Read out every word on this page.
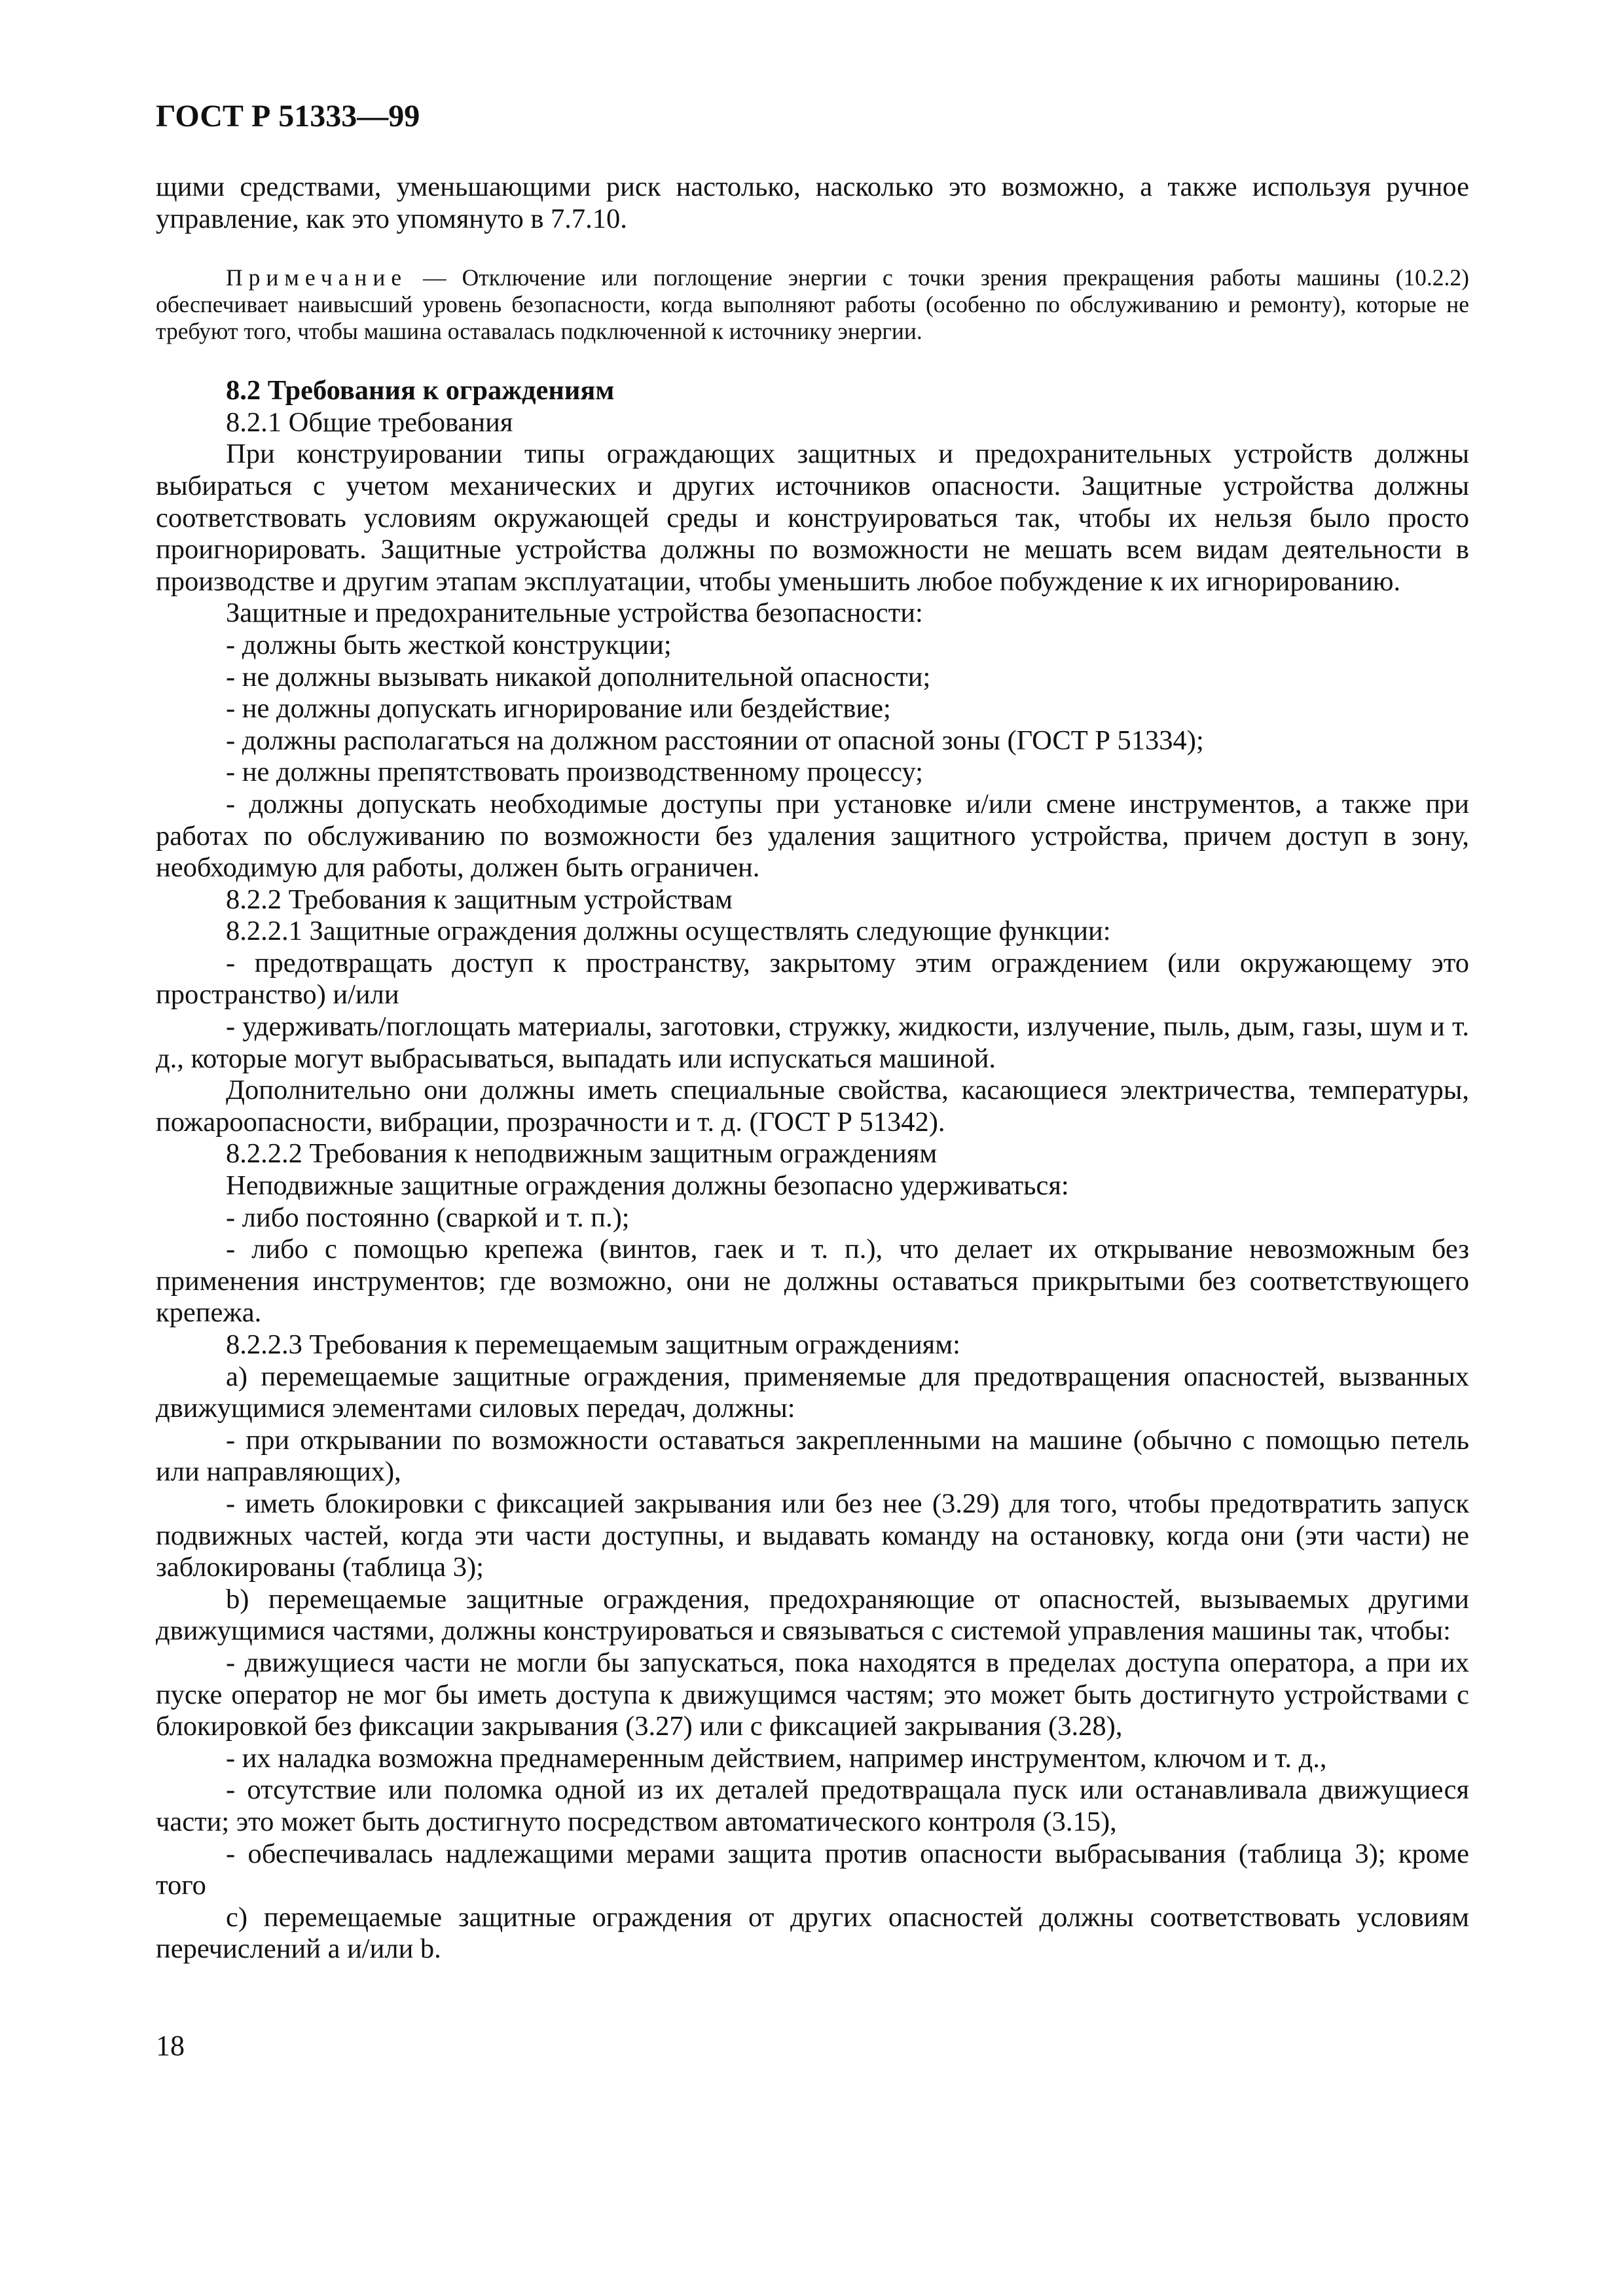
ГОСТ Р 51333—99

щими средствами, уменьшающими риск настолько, насколько это возможно, а также используя ручное управление, как это упомянуто в 7.7.10.

Примечание — Отключение или поглощение энергии с точки зрения прекращения работы машины (10.2.2) обеспечивает наивысший уровень безопасности, когда выполняют работы (особенно по обслуживанию и ремонту), которые не требуют того, чтобы машина оставалась подключенной к источнику энергии.

8.2 Требования к ограждениям

8.2.1 Общие требования

При конструировании типы ограждающих защитных и предохранительных устройств должны выбираться с учетом механических и других источников опасности. Защитные устройства должны соответствовать условиям окружающей среды и конструироваться так, чтобы их нельзя было просто проигнорировать. Защитные устройства должны по возможности не мешать всем видам деятельности в производстве и другим этапам эксплуатации, чтобы уменьшить любое побуждение к их игнорированию.

Защитные и предохранительные устройства безопасности:

- должны быть жесткой конструкции;

- не должны вызывать никакой дополнительной опасности;

- не должны допускать игнорирование или бездействие;

- должны располагаться на должном расстоянии от опасной зоны (ГОСТ Р 51334);

- не должны препятствовать производственному процессу;

- должны допускать необходимые доступы при установке и/или смене инструментов, а также при работах по обслуживанию по возможности без удаления защитного устройства, причем доступ в зону, необходимую для работы, должен быть ограничен.

8.2.2 Требования к защитным устройствам

8.2.2.1 Защитные ограждения должны осуществлять следующие функции:

- предотвращать доступ к пространству, закрытому этим ограждением (или окружающему это пространство) и/или

- удерживать/поглощать материалы, заготовки, стружку, жидкости, излучение, пыль, дым, газы, шум и т. д., которые могут выбрасываться, выпадать или испускаться машиной.

Дополнительно они должны иметь специальные свойства, касающиеся электричества, температуры, пожароопасности, вибрации, прозрачности и т. д. (ГОСТ Р 51342).

8.2.2.2 Требования к неподвижным защитным ограждениям

Неподвижные защитные ограждения должны безопасно удерживаться:

- либо постоянно (сваркой и т. п.);

- либо с помощью крепежа (винтов, гаек и т. п.), что делает их открывание невозможным без применения инструментов; где возможно, они не должны оставаться прикрытыми без соответствующего крепежа.

8.2.2.3 Требования к перемещаемым защитным ограждениям:

а) перемещаемые защитные ограждения, применяемые для предотвращения опасностей, вызванных движущимися элементами силовых передач, должны:

- при открывании по возможности оставаться закрепленными на машине (обычно с помощью петель или направляющих),

- иметь блокировки с фиксацией закрывания или без нее (3.29) для того, чтобы предотвратить запуск подвижных частей, когда эти части доступны, и выдавать команду на остановку, когда они (эти части) не заблокированы (таблица 3);

b) перемещаемые защитные ограждения, предохраняющие от опасностей, вызываемых другими движущимися частями, должны конструироваться и связываться с системой управления машины так, чтобы:

- движущиеся части не могли бы запускаться, пока находятся в пределах доступа оператора, а при их пуске оператор не мог бы иметь доступа к движущимся частям; это может быть достигнуто устройствами с блокировкой без фиксации закрывания (3.27) или с фиксацией закрывания (3.28),

- их наладка возможна преднамеренным действием, например инструментом, ключом и т. д.,

- отсутствие или поломка одной из их деталей предотвращала пуск или останавливала движущиеся части; это может быть достигнуто посредством автоматического контроля (3.15),

- обеспечивалась надлежащими мерами защита против опасности выбрасывания (таблица 3); кроме того

с) перемещаемые защитные ограждения от других опасностей должны соответствовать условиям перечислений а и/или b.

18
